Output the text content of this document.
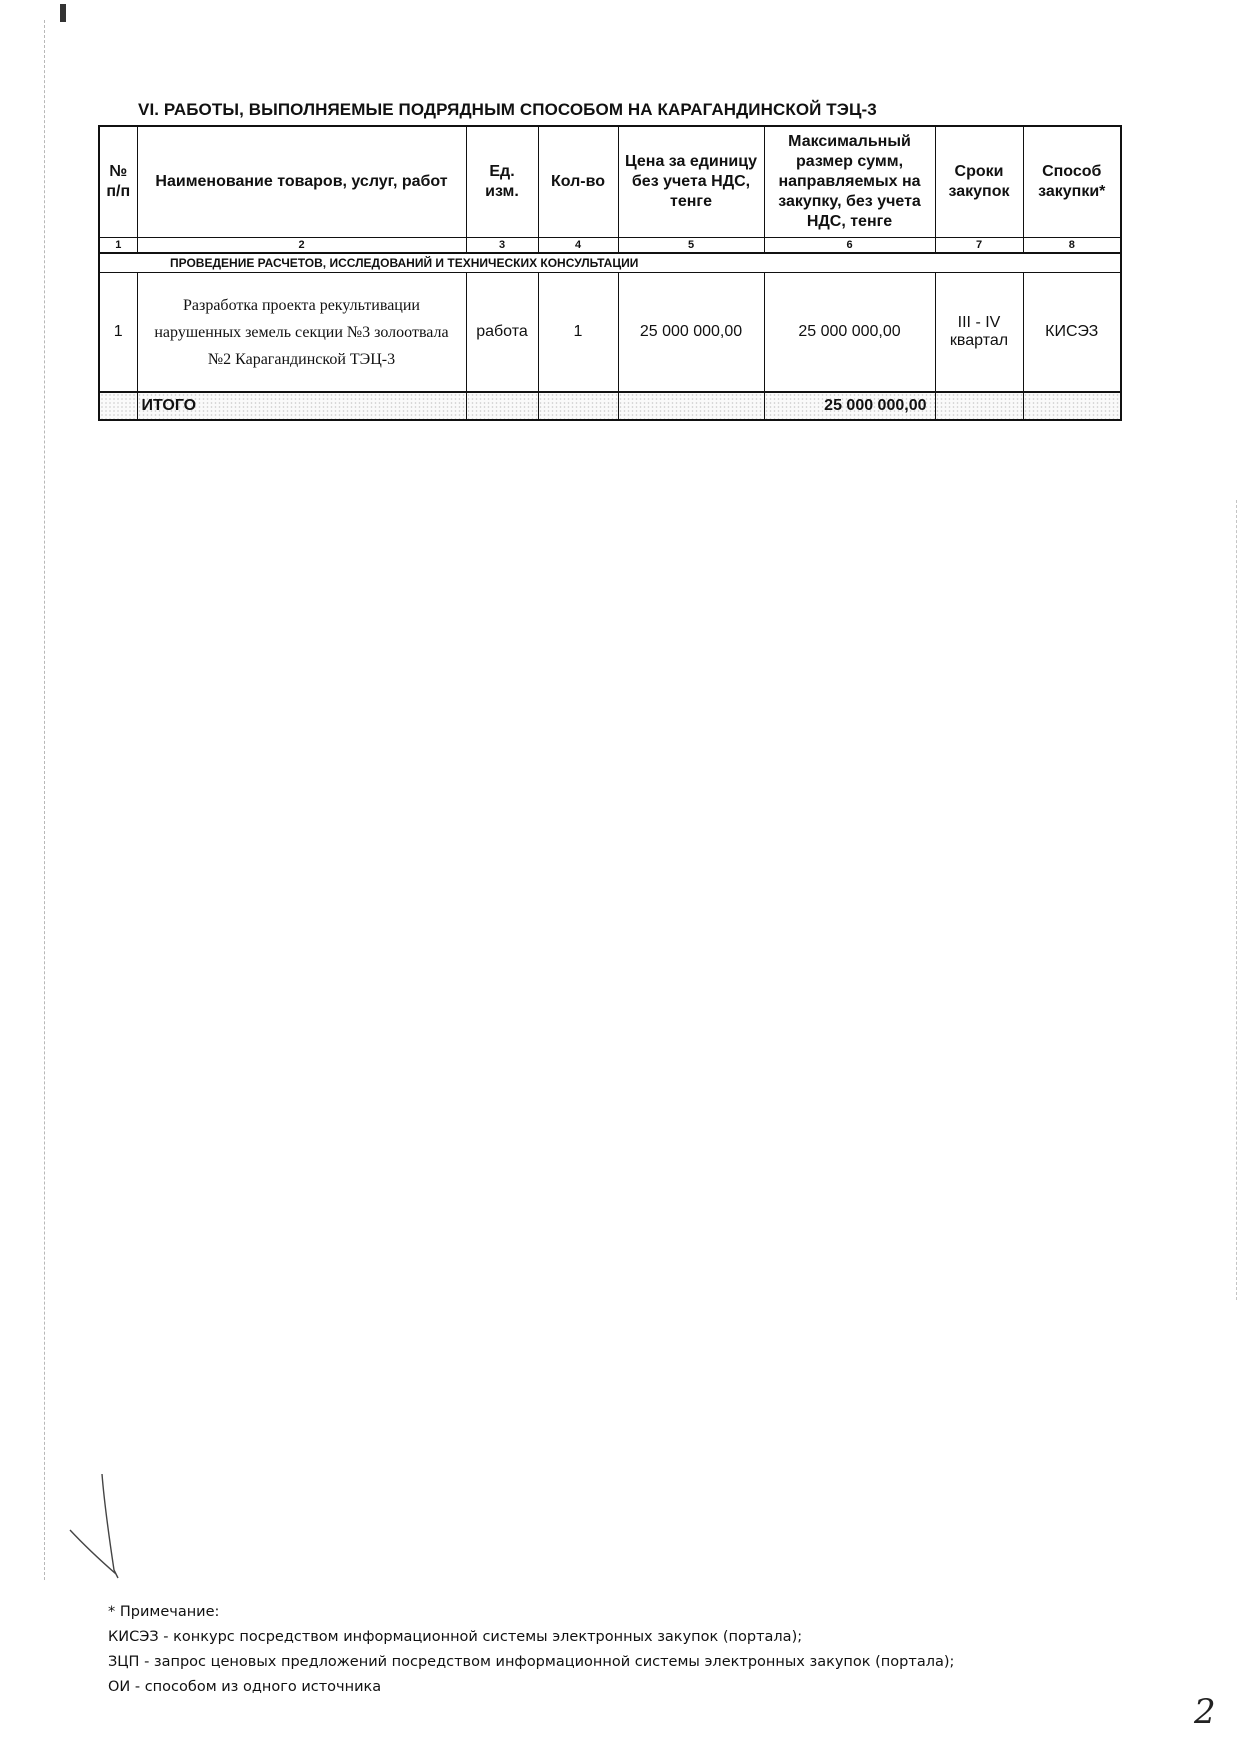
VI. РАБОТЫ, ВЫПОЛНЯЕМЫЕ ПОДРЯДНЫМ СПОСОБОМ НА КАРАГАНДИНСКОЙ ТЭЦ-3
№ п/п	Наименование товаров, услуг, работ	Ед. изм.	Кол-во	Цена за единицу без учета НДС, тенге	Максимальный размер сумм, направляемых на закупку, без учета НДС, тенге	Сроки закупок	Способ закупки*
1	2	3	4	5	6	7	8
ПРОВЕДЕНИЕ РАСЧЕТОВ, ИССЛЕДОВАНИЙ И ТЕХНИЧЕСКИХ КОНСУЛЬТАЦИИ							
1	Разработка проекта рекультивации нарушенных земель секции №3 золоотвала №2 Карагандинской ТЭЦ-3	работа	1	25 000 000,00	25 000 000,00	III - IV квартал	КИСЭЗ
	ИТОГО				25 000 000,00		
* Примечание:
КИСЭЗ - конкурс посредством информационной системы электронных закупок (портала);
ЗЦП - запрос ценовых предложений посредством информационной системы электронных закупок (портала);
ОИ - способом из одного источника
2
